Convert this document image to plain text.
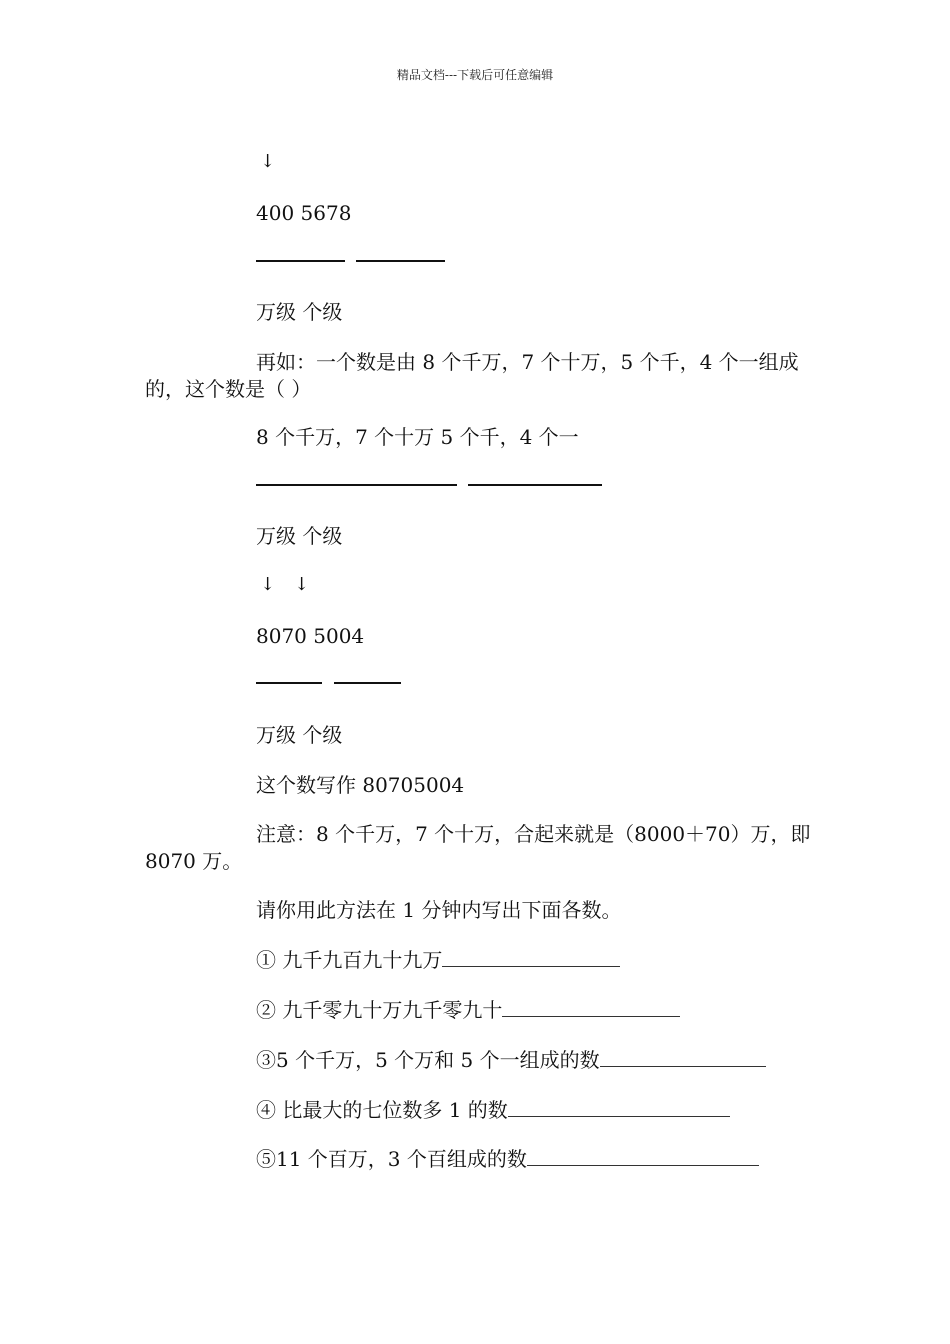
精品文档---下载后可任意编辑
↓
400 5678
万级 个级
再如：一个数是由 8 个千万，7 个十万，5 个千，4 个一组成的，这个数是（ ）
8 个千万，7 个十万 5 个千，4 个一
万级 个级
↓ ↓
8070 5004
万级 个级
这个数写作 80705004
注意：8 个千万，7 个十万，合起来就是（8000＋70）万，即 8070 万。
请你用此方法在 1 分钟内写出下面各数。
① 九千九百九十九万
② 九千零九十万九千零九十
③5 个千万，5 个万和 5 个一组成的数
④ 比最大的七位数多 1 的数
⑤11 个百万，3 个百组成的数
